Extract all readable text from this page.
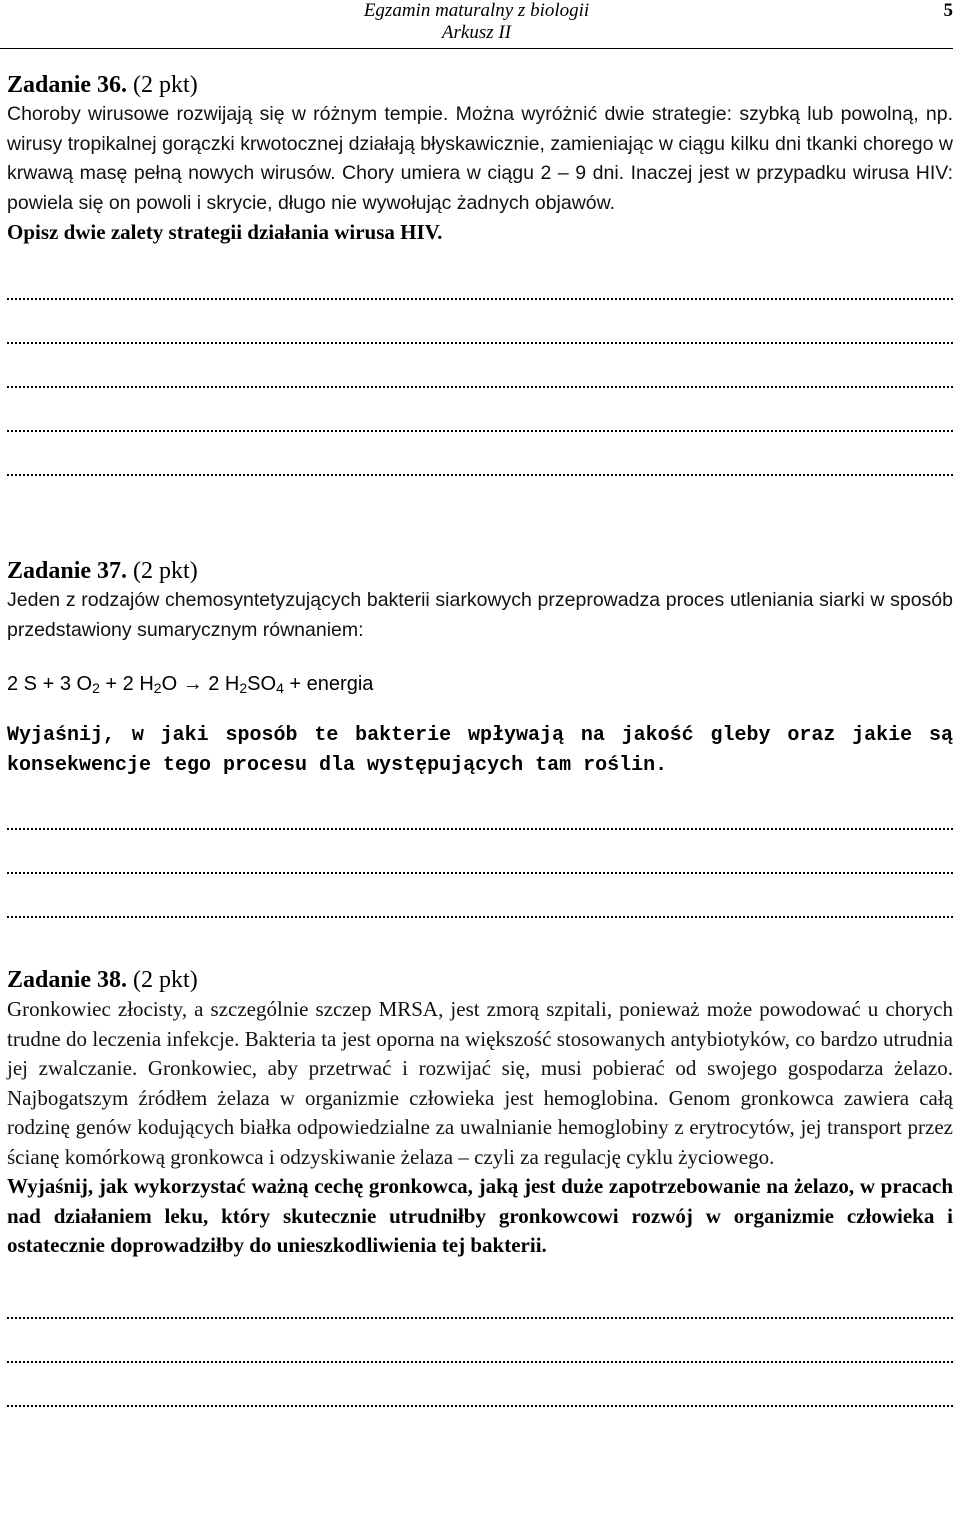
Egzamin maturalny z biologii
Arkusz II
5

Zadanie 36. (2 pkt)

Choroby wirusowe rozwijają się w różnym tempie. Można wyróżnić dwie strategie: szybką lub powolną, np. wirusy tropikalnej gorączki krwotocznej działają błyskawicznie, zamieniając w ciągu kilku dni tkanki chorego w krwawą masę pełną nowych wirusów. Chory umiera w ciągu 2 – 9 dni. Inaczej jest w przypadku wirusa HIV: powiela się on powoli i skrycie, długo nie wywołując żadnych objawów.

Opisz dwie zalety strategii działania wirusa HIV.

Zadanie 37. (2 pkt)

Jeden z rodzajów chemosyntetyzujących bakterii siarkowych przeprowadza proces utleniania siarki w sposób przedstawiony sumarycznym równaniem:

2 S + 3 $O_2 + 2$ $H_2O \to 2$ $H_2SO_4$ + energia

Wyjaśnij, w jaki sposób te bakterie wpływają na jakość gleby oraz jakie są konsekwencje tego procesu dla występujących tam roślin.

Zadanie 38. (2 pkt)

Gronkowiec złocisty, a szczególnie szczep MRSA, jest zmorą szpitali, ponieważ może powodować u chorych trudne do leczenia infekcje. Bakteria ta jest oporna na większość stosowanych antybiotyków, co bardzo utrudnia jej zwalczanie. Gronkowiec, aby przetrwać i rozwijać się, musi pobierać od swojego gospodarza żelazo. Najbogatszym źródłem żelaza w organizmie człowieka jest hemoglobina. Genom gronkowca zawiera całą rodzinę genów kodujących białka odpowiedzialne za uwalnianie hemoglobiny z erytrocytów, jej transport przez ścianę komórkową gronkowca i odzyskiwanie żelaza – czyli za regulację cyklu życiowego.

Wyjaśnij, jak wykorzystać ważną cechę gronkowca, jaką jest duże zapotrzebowanie na żelazo, w pracach nad działaniem leku, który skutecznie utrudniłby gronkowcowi rozwój w organizmie człowieka i ostatecznie doprowadziłby do unieszkodliwienia tej bakterii.
